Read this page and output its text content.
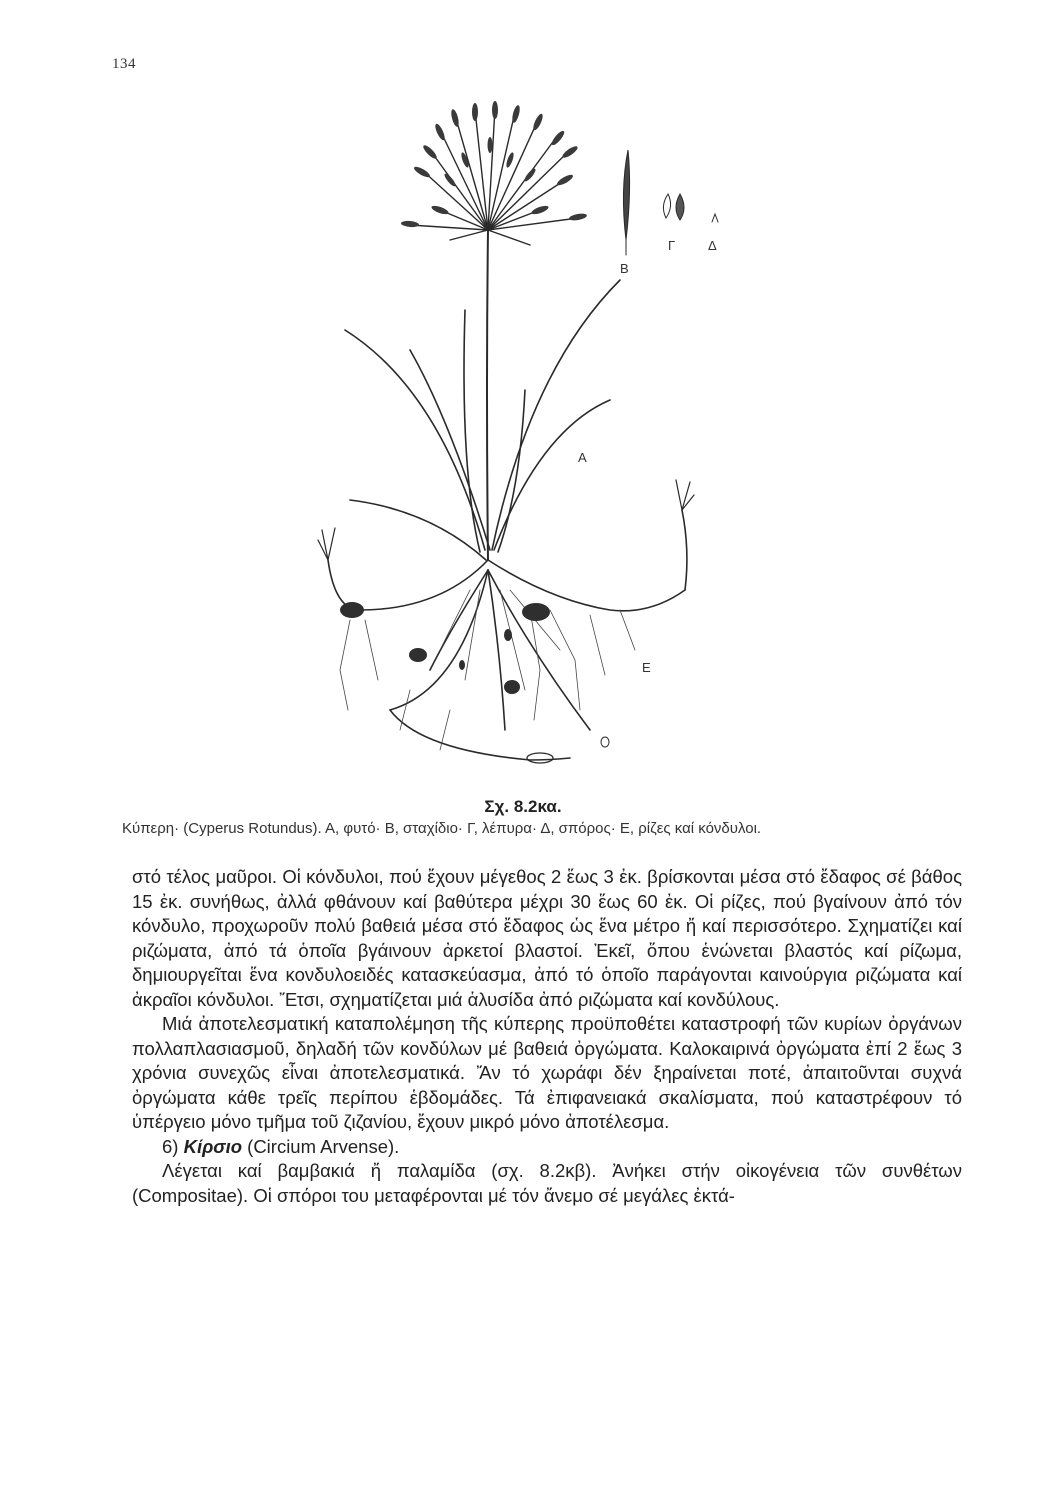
134
Β
Γ	Δ
Α
Ε
Σχ. 8.2κα.
Κύπερη· (Cyperus Rotundus). Α, φυτό· Β, σταχίδιο· Γ, λέπυρα· Δ, σπόρος· Ε, ρίζες καί κόνδυλοι.

στό τέλος μαῦροι. Οἱ κόνδυλοι, πού ἔχουν μέγεθος 2 ἕως 3 ἐκ. βρίσκονται μέσα στό ἔδαφος σέ βάθος 15 ἐκ. συνήθως, ἀλλά φθάνουν καί βαθύτερα μέχρι 30 ἕως 60 ἐκ. Οἱ ρίζες, πού βγαίνουν ἀπό τόν κόνδυλο, προχωροῦν πολύ βαθειά μέσα στό ἔδαφος ὡς ἕνα μέτρο ἤ καί περισσότερο. Σχηματίζει καί ριζώματα, ἀπό τά ὁποῖα βγάινουν ἀρκετοί βλαστοί. Ἐκεῖ, ὅπου ἑνώνεται βλαστός καί ρίζωμα, δημιουργεῖται ἕνα κονδυλοειδές κατασκεύασμα, ἀπό τό ὁποῖο παράγονται καινούργια ριζώματα καί ἀκραῖοι κόνδυλοι. Ἔτσι, σχηματίζεται μιά ἁλυσίδα ἀπό ριζώματα καί κονδύλους.

Μιά ἀποτελεσματική καταπολέμηση τῆς κύπερης προϋποθέτει καταστροφή τῶν κυρίων ὀργάνων πολλαπλασιασμοῦ, δηλαδή τῶν κονδύλων μέ βαθειά ὀργώματα. Καλοκαιρινά ὀργώματα ἐπί 2 ἕως 3 χρόνια συνεχῶς εἶναι ἀποτελεσματικά. Ἄν τό χωράφι δέν ξηραίνεται ποτέ, ἀπαιτοῦνται συχνά ὀργώματα κάθε τρεῖς περίπου ἑβδομάδες. Τά ἐπιφανειακά σκαλίσματα, πού καταστρέφουν τό ὑπέργειο μόνο τμῆμα τοῦ ζιζανίου, ἔχουν μικρό μόνο ἀποτέλεσμα.

6) Κίρσιο (Circium Arvense).

Λέγεται καί βαμβακιά ἤ παλαμίδα (σχ. 8.2κβ). Ἀνήκει στήν οἰκογένεια τῶν συνθέτων (Compositae). Οἱ σπόροι του μεταφέρονται μέ τόν ἄνεμο σέ μεγάλες ἐκτά-
